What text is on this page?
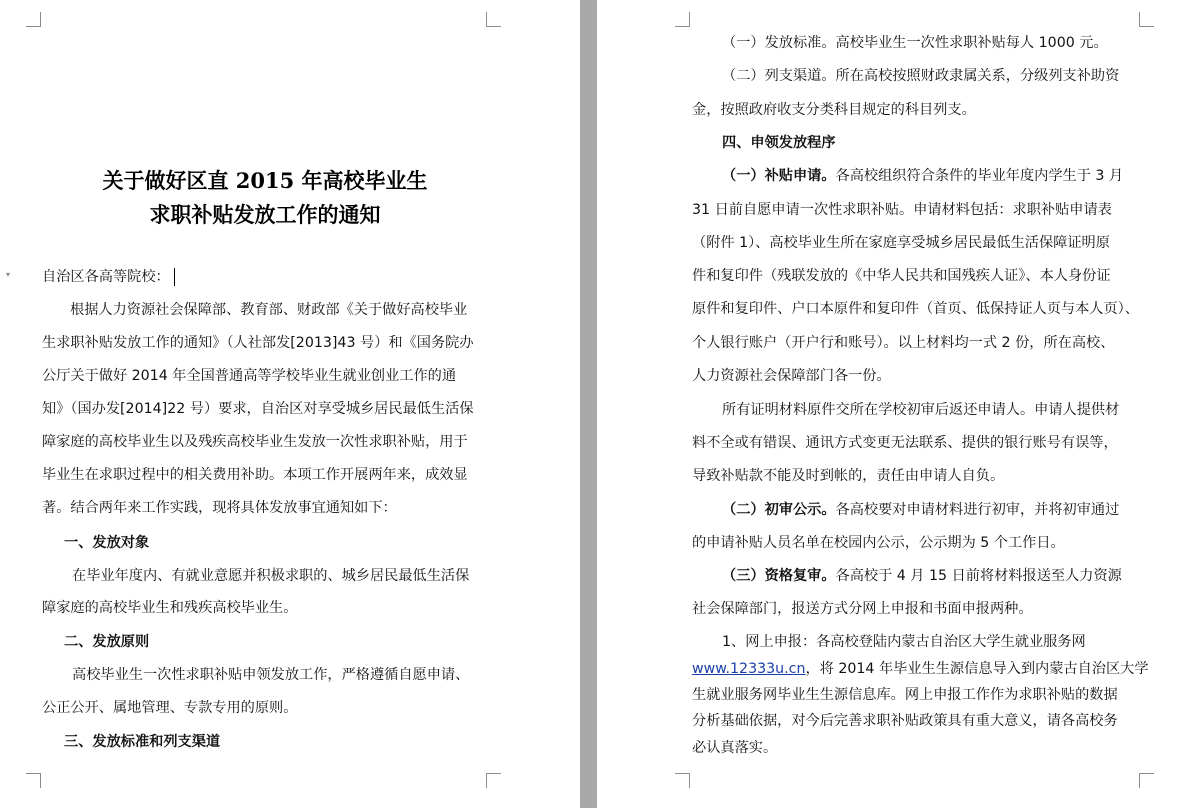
▾
关于做好区直 2015 年高校毕业生
求职补贴发放工作的通知
自治区各高等院校：
根据人力资源社会保障部、教育部、财政部《关于做好高校毕业
生求职补贴发放工作的通知》（人社部发[2013]43 号）和《国务院办
公厅关于做好 2014 年全国普通高等学校毕业生就业创业工作的通
知》（国办发[2014]22 号）要求，自治区对享受城乡居民最低生活保
障家庭的高校毕业生以及残疾高校毕业生发放一次性求职补贴，用于
毕业生在求职过程中的相关费用补助。本项工作开展两年来，成效显
著。结合两年来工作实践，现将具体发放事宜通知如下：
一、发放对象
在毕业年度内、有就业意愿并积极求职的、城乡居民最低生活保
障家庭的高校毕业生和残疾高校毕业生。
二、发放原则
高校毕业生一次性求职补贴申领发放工作，严格遵循自愿申请、
公正公开、属地管理、专款专用的原则。
三、发放标准和列支渠道
（一）发放标准。高校毕业生一次性求职补贴每人 1000 元。
（二）列支渠道。所在高校按照财政隶属关系，分级列支补助资
金，按照政府收支分类科目规定的科目列支。
四、申领发放程序
（一）补贴申请。各高校组织符合条件的毕业年度内学生于 3 月
31 日前自愿申请一次性求职补贴。申请材料包括：求职补贴申请表
（附件 1）、高校毕业生所在家庭享受城乡居民最低生活保障证明原
件和复印件（残联发放的《中华人民共和国残疾人证》、本人身份证
原件和复印件、户口本原件和复印件（首页、低保持证人页与本人页）、
个人银行账户（开户行和账号）。以上材料均一式 2 份，所在高校、
人力资源社会保障部门各一份。
所有证明材料原件交所在学校初审后返还申请人。申请人提供材
料不全或有错误、通讯方式变更无法联系、提供的银行账号有误等，
导致补贴款不能及时到帐的，责任由申请人自负。
（二）初审公示。各高校要对申请材料进行初审，并将初审通过
的申请补贴人员名单在校园内公示，公示期为 5 个工作日。
（三）资格复审。各高校于 4 月 15 日前将材料报送至人力资源
社会保障部门，报送方式分网上申报和书面申报两种。
1、网上申报：各高校登陆内蒙古自治区大学生就业服务网
www.12333u.cn，将 2014 年毕业生生源信息导入到内蒙古自治区大学
生就业服务网毕业生生源信息库。网上申报工作作为求职补贴的数据
分析基础依据，对今后完善求职补贴政策具有重大意义，请各高校务
必认真落实。
